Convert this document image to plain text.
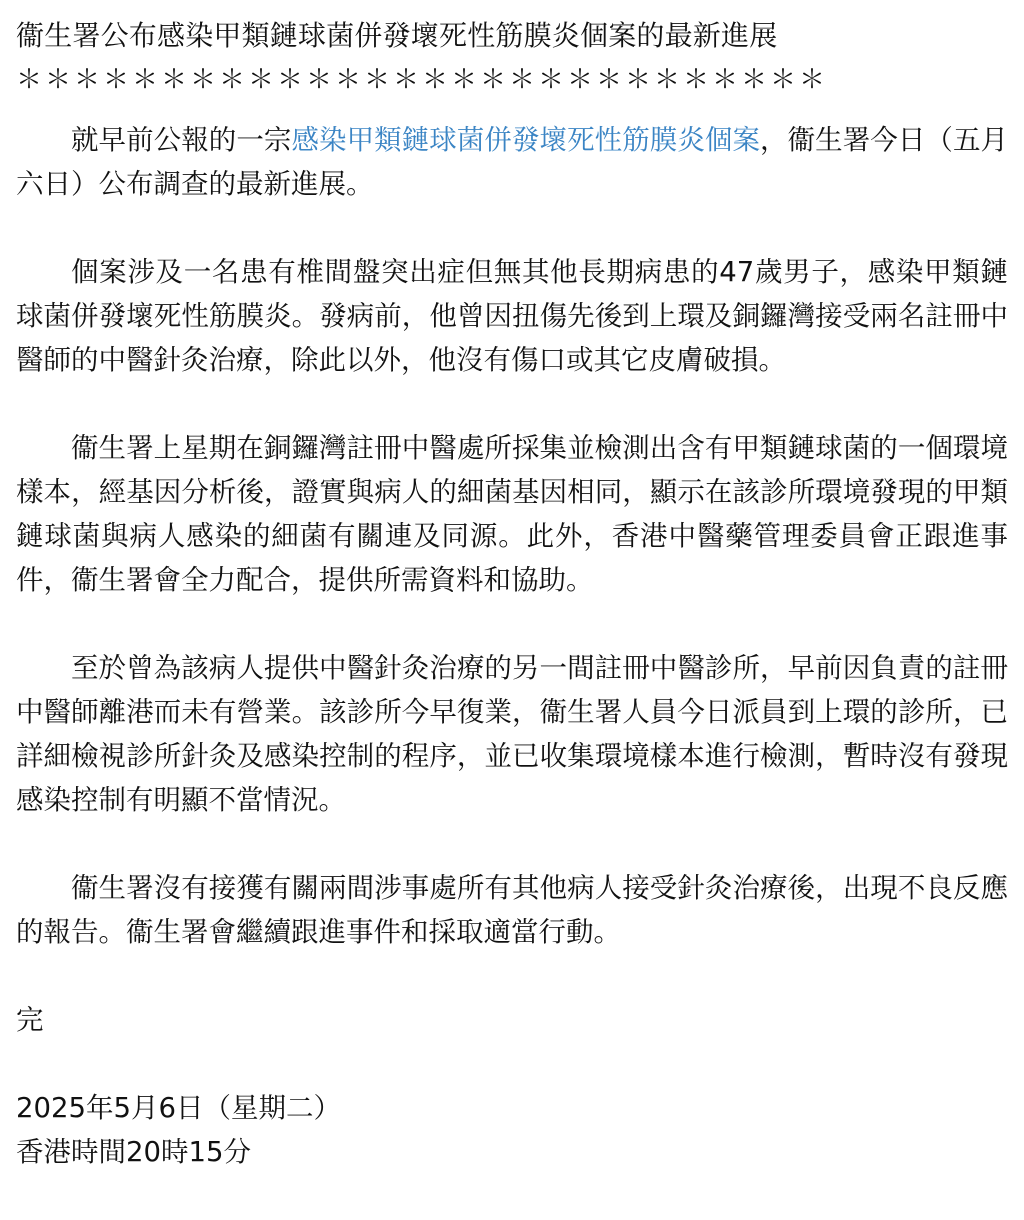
衞生署公布感染甲類鏈球菌併發壞死性筋膜炎個案的最新進展
＊＊＊＊＊＊＊＊＊＊＊＊＊＊＊＊＊＊＊＊＊＊＊＊＊＊＊＊

就早前公報的一宗感染甲類鏈球菌併發壞死性筋膜炎個案，衞生署今日（五月六日）公布調查的最新進展。

個案涉及一名患有椎間盤突出症但無其他長期病患的47歲男子，感染甲類鏈球菌併發壞死性筋膜炎。發病前，他曾因扭傷先後到上環及銅鑼灣接受兩名註冊中醫師的中醫針灸治療，除此以外，他沒有傷口或其它皮膚破損。

衞生署上星期在銅鑼灣註冊中醫處所採集並檢測出含有甲類鏈球菌的一個環境樣本，經基因分析後，證實與病人的細菌基因相同，顯示在該診所環境發現的甲類鏈球菌與病人感染的細菌有關連及同源。此外，香港中醫藥管理委員會正跟進事件，衞生署會全力配合，提供所需資料和協助。

至於曾為該病人提供中醫針灸治療的另一間註冊中醫診所，早前因負責的註冊中醫師離港而未有營業。該診所今早復業，衞生署人員今日派員到上環的診所，已詳細檢視診所針灸及感染控制的程序，並已收集環境樣本進行檢測，暫時沒有發現感染控制有明顯不當情況。

衞生署沒有接獲有關兩間涉事處所有其他病人接受針灸治療後，出現不良反應的報告。衞生署會繼續跟進事件和採取適當行動。

完
2025年5月6日（星期二）
香港時間20時15分
